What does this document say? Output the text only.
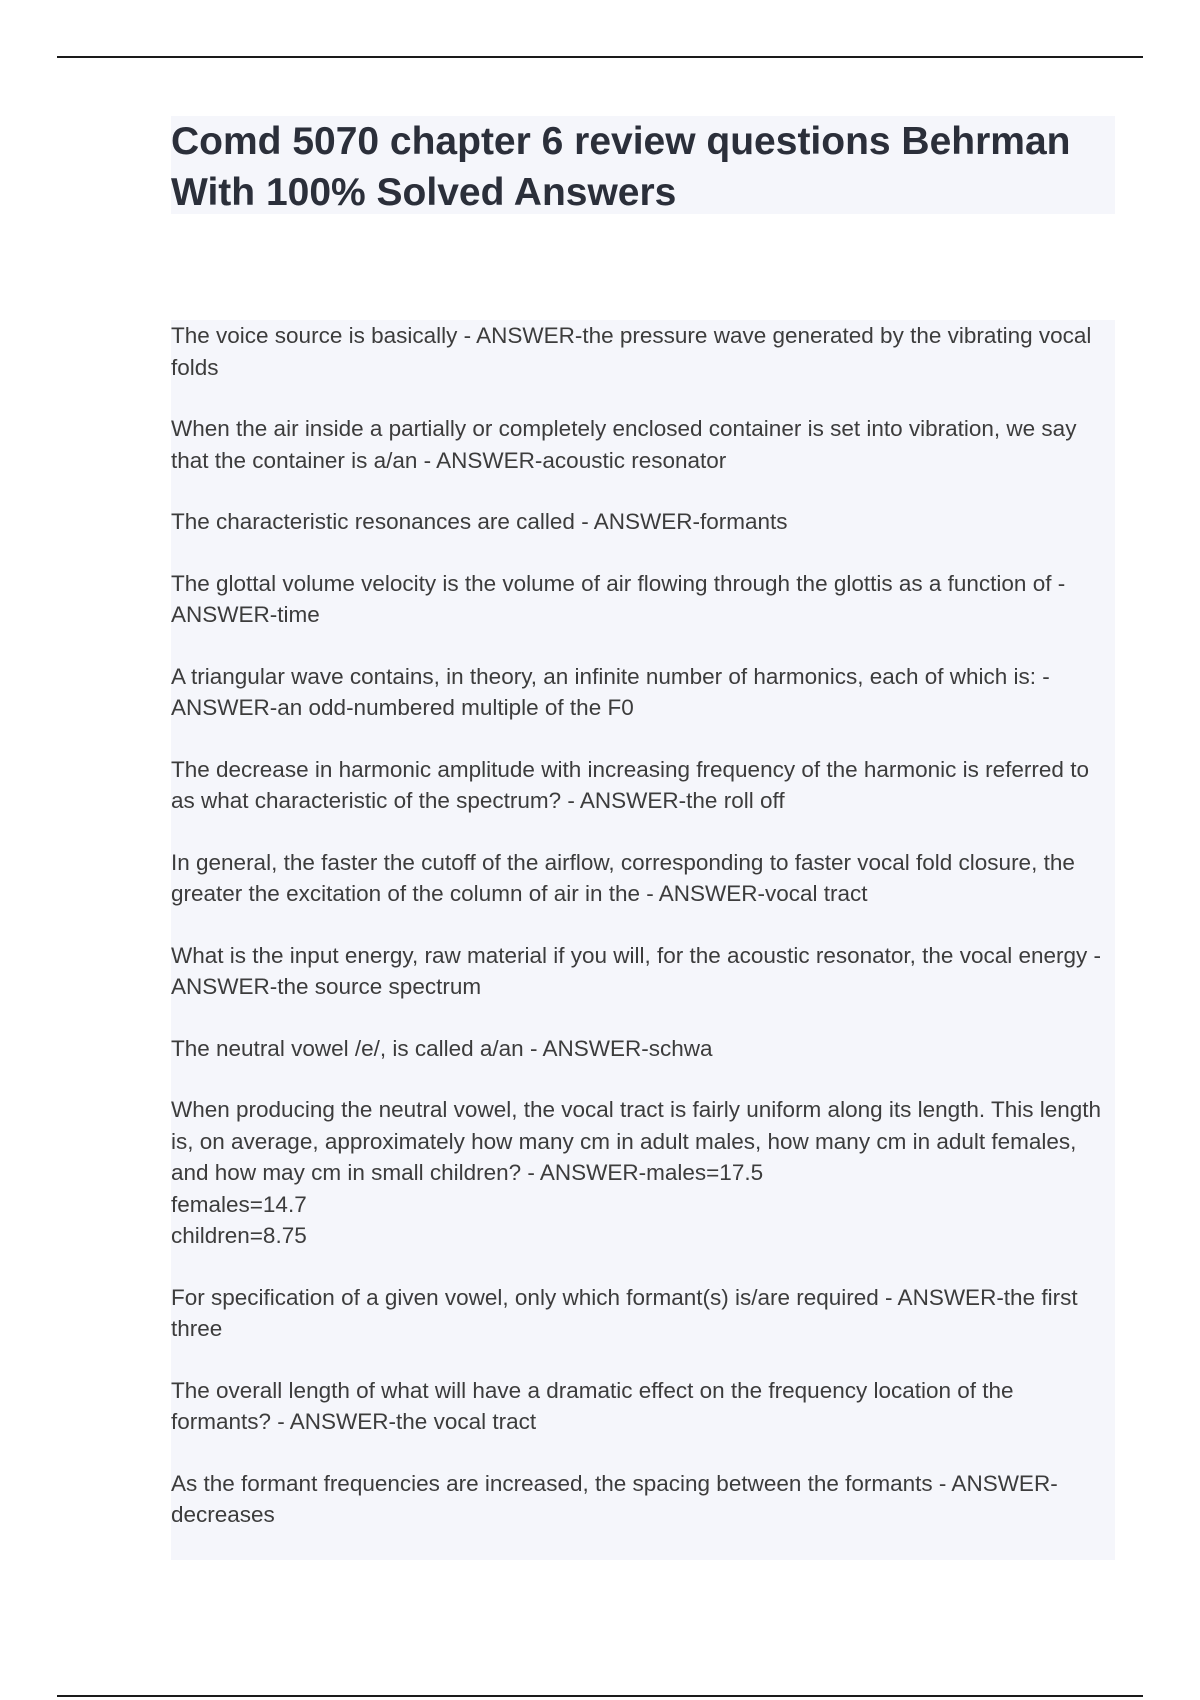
Comd 5070 chapter 6 review questions Behrman With 100% Solved Answers
The voice source is basically - ANSWER-the pressure wave generated by the vibrating vocal folds
When the air inside a partially or completely enclosed container is set into vibration, we say that the container is a/an - ANSWER-acoustic resonator
The characteristic resonances are called - ANSWER-formants
The glottal volume velocity is the volume of air flowing through the glottis as a function of - ANSWER-time
A triangular wave contains, in theory, an infinite number of harmonics, each of which is: - ANSWER-an odd-numbered multiple of the F0
The decrease in harmonic amplitude with increasing frequency of the harmonic is referred to as what characteristic of the spectrum? - ANSWER-the roll off
In general, the faster the cutoff of the airflow, corresponding to faster vocal fold closure, the greater the excitation of the column of air in the - ANSWER-vocal tract
What is the input energy, raw material if you will, for the acoustic resonator, the vocal energy - ANSWER-the source spectrum
The neutral vowel /e/, is called a/an - ANSWER-schwa
When producing the neutral vowel, the vocal tract is fairly uniform along its length. This length is, on average, approximately how many cm in adult males, how many cm in adult females, and how may cm in small children? - ANSWER-males=17.5
females=14.7
children=8.75
For specification of a given vowel, only which formant(s) is/are required - ANSWER-the first three
The overall length of what will have a dramatic effect on the frequency location of the formants? - ANSWER-the vocal tract
As the formant frequencies are increased, the spacing between the formants - ANSWER-decreases
